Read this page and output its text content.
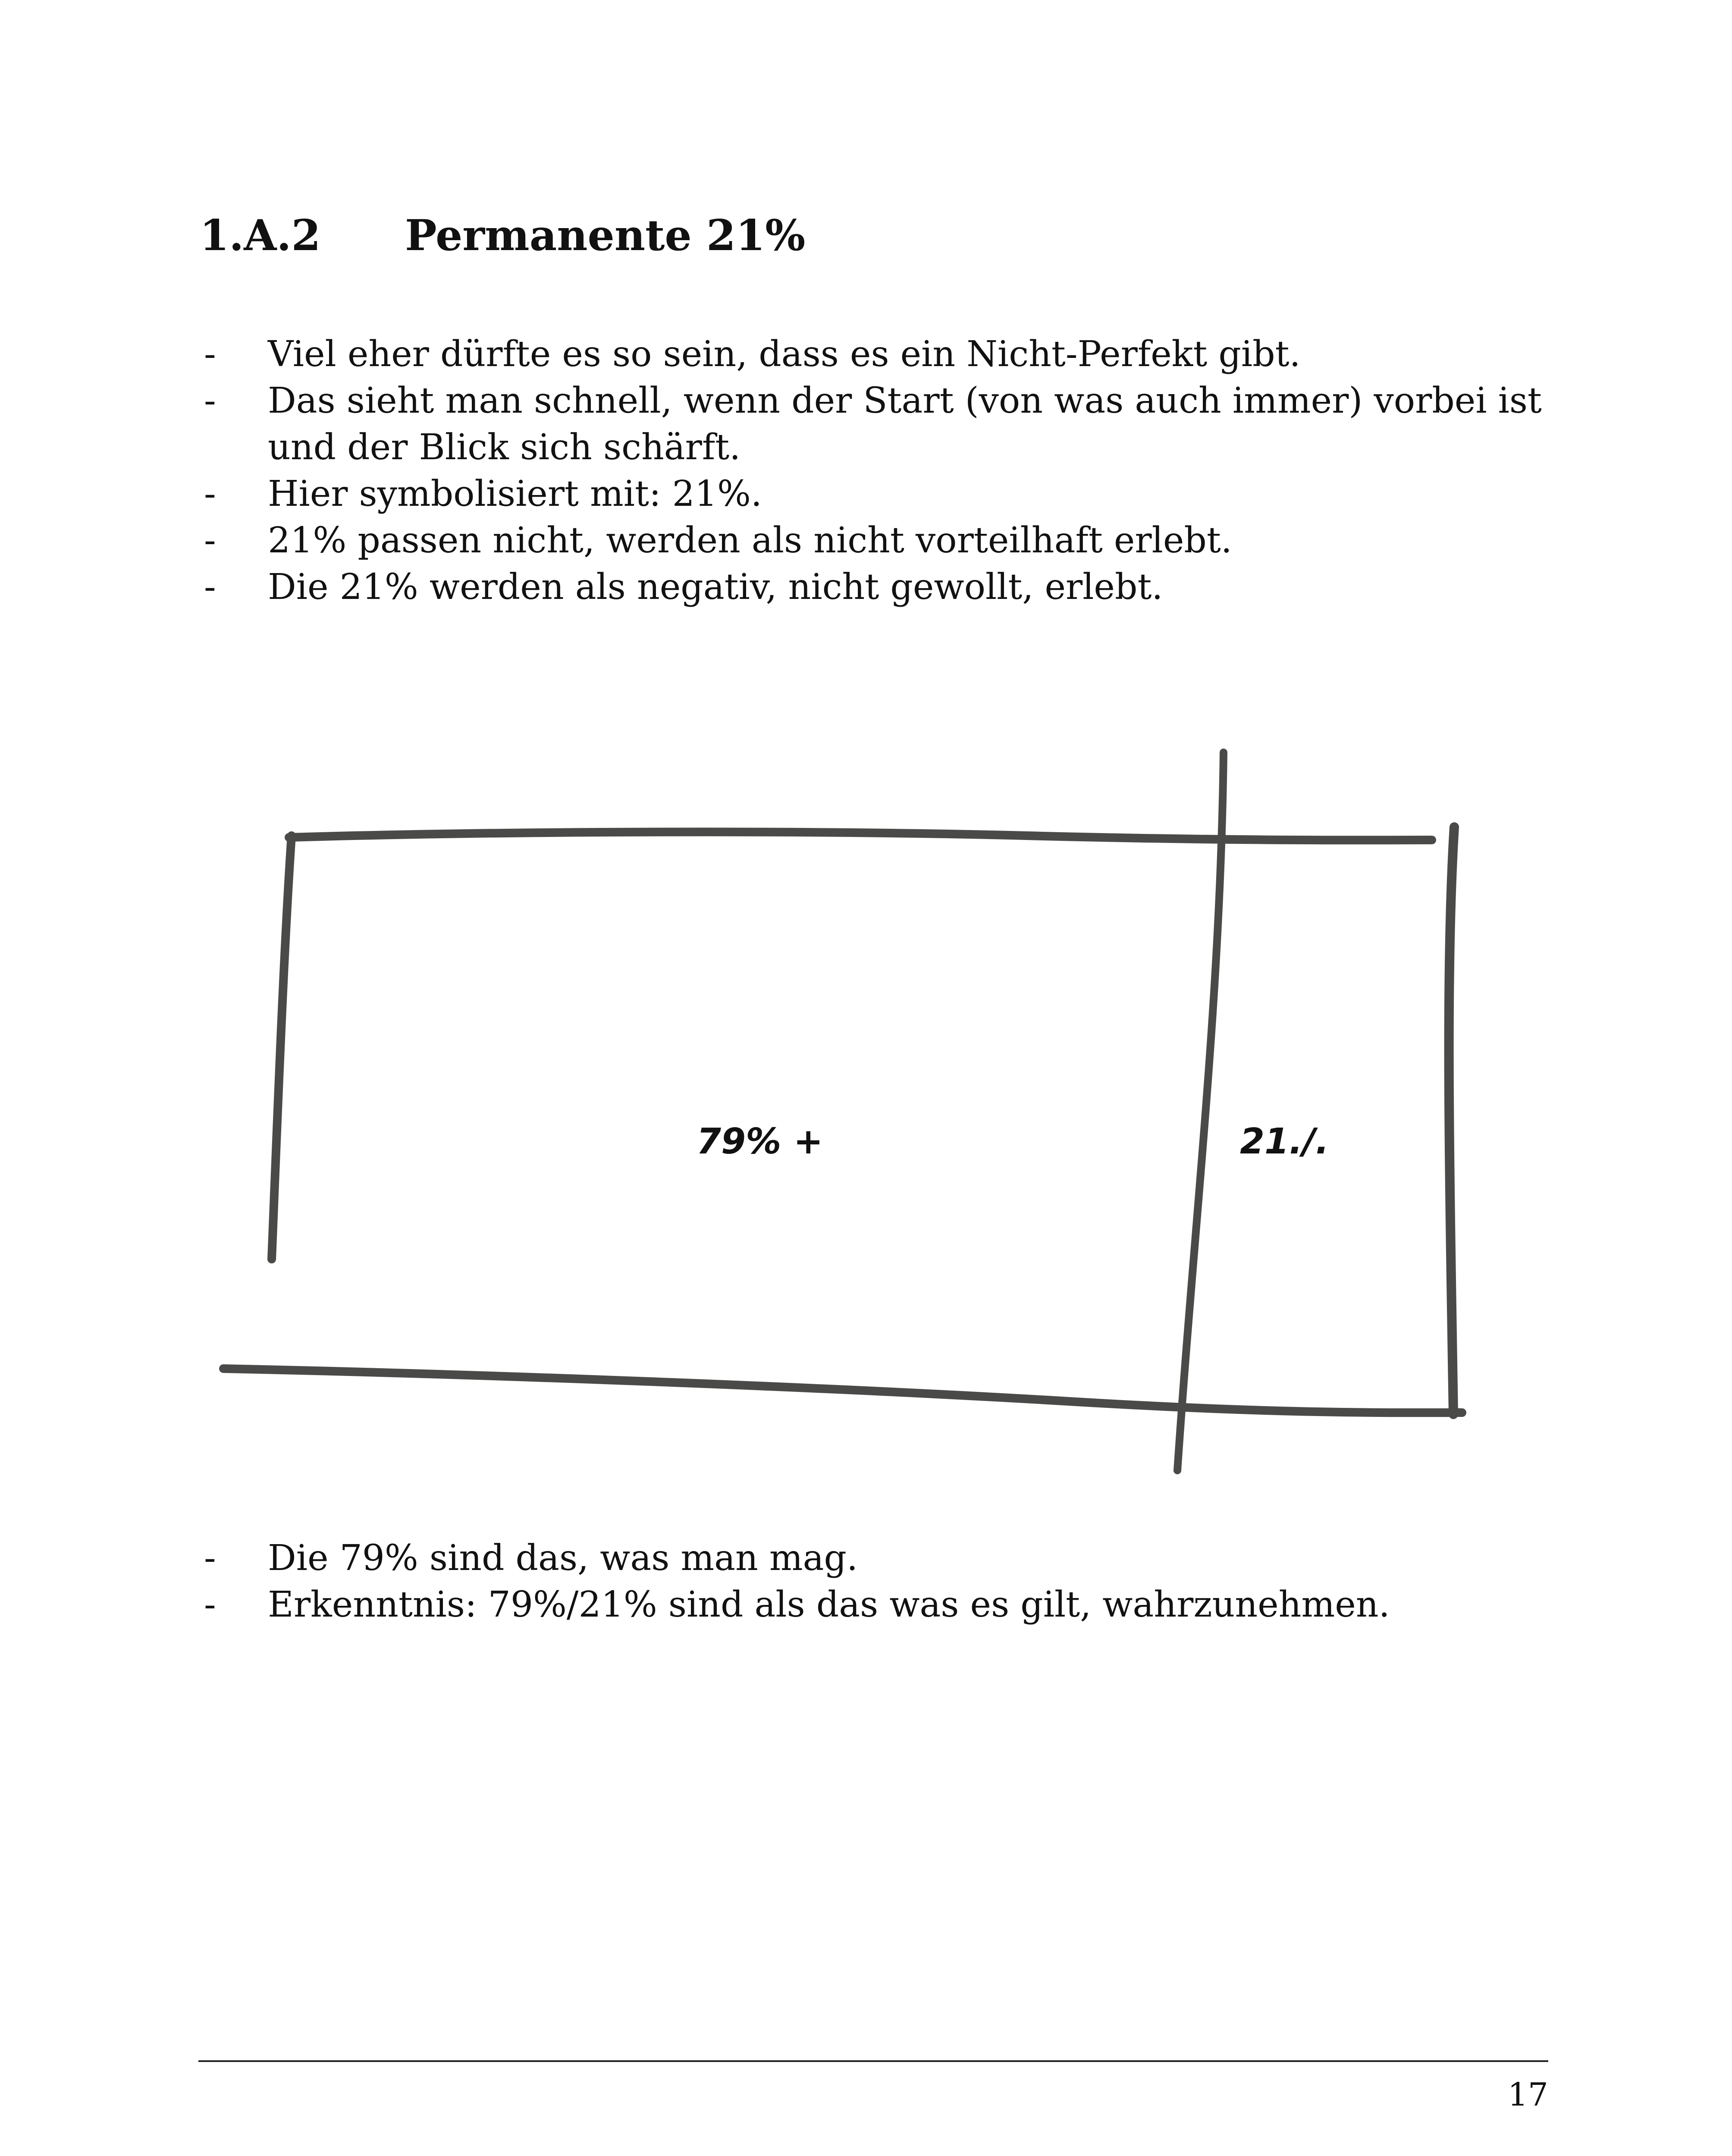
1.A.2 Permanente 21%
- Viel eher dürfte es so sein, dass es ein Nicht-Perfekt gibt.
- Das sieht man schnell, wenn der Start (von was auch immer) vorbei ist und der Blick sich schärft.
- Hier symbolisiert mit: 21%.
- 21% passen nicht, werden als nicht vorteilhaft erlebt.
- Die 21% werden als negativ, nicht gewollt, erlebt.
79% +	21./.
- Die 79% sind das, was man mag.
- Erkenntnis: 79%/21% sind als das was es gilt, wahrzunehmen.
17
